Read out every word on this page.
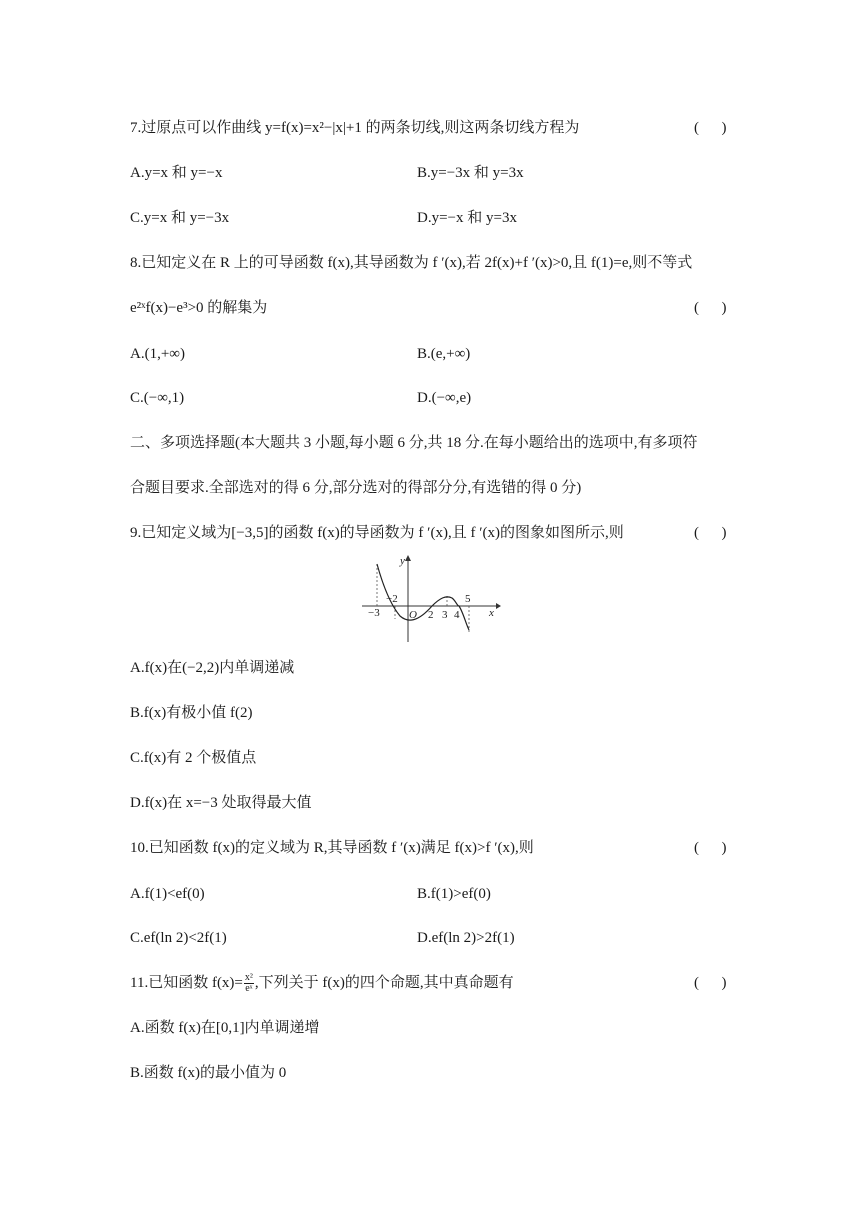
7.过原点可以作曲线 y=f(x)=x²−|x|+1 的两条切线,则这两条切线方程为	(      )
A.y=x 和 y=−x	B.y=−3x 和 y=3x
C.y=x 和 y=−3x	D.y=−x 和 y=3x
8.已知定义在 R 上的可导函数 f(x),其导函数为 f ′(x),若 2f(x)+f ′(x)>0,且 f(1)=e,则不等式
e²ˣf(x)−e³>0 的解集为	(      )
A.(1,+∞)	B.(e,+∞)
C.(−∞,1)	D.(−∞,e)
二、多项选择题(本大题共 3 小题,每小题 6 分,共 18 分.在每小题给出的选项中,有多项符
合题目要求.全部选对的得 6 分,部分选对的得部分分,有选错的得 0 分)
9.已知定义域为[−3,5]的函数 f(x)的导函数为 f ′(x),且 f ′(x)的图象如图所示,则	(      )
y
x
O
−3
−2
2 3 4
5
A.f(x)在(−2,2)内单调递减
B.f(x)有极小值 f(2)
C.f(x)有 2 个极值点
D.f(x)在 x=−3 处取得最大值
10.已知函数 f(x)的定义域为 R,其导函数 f ′(x)满足 f(x)>f ′(x),则	(      )
A.f(1)<ef(0)	B.f(1)>ef(0)
C.ef(ln 2)<2f(1)	D.ef(ln 2)>2f(1)
11.已知函数 $f(x)= \frac{\text{x²}}{\text{eˣ}}$ ,下列关于 f(x)的四个命题,其中真命题有	(      )
A.函数 f(x)在[0,1]内单调递增
B.函数 f(x)的最小值为 0
